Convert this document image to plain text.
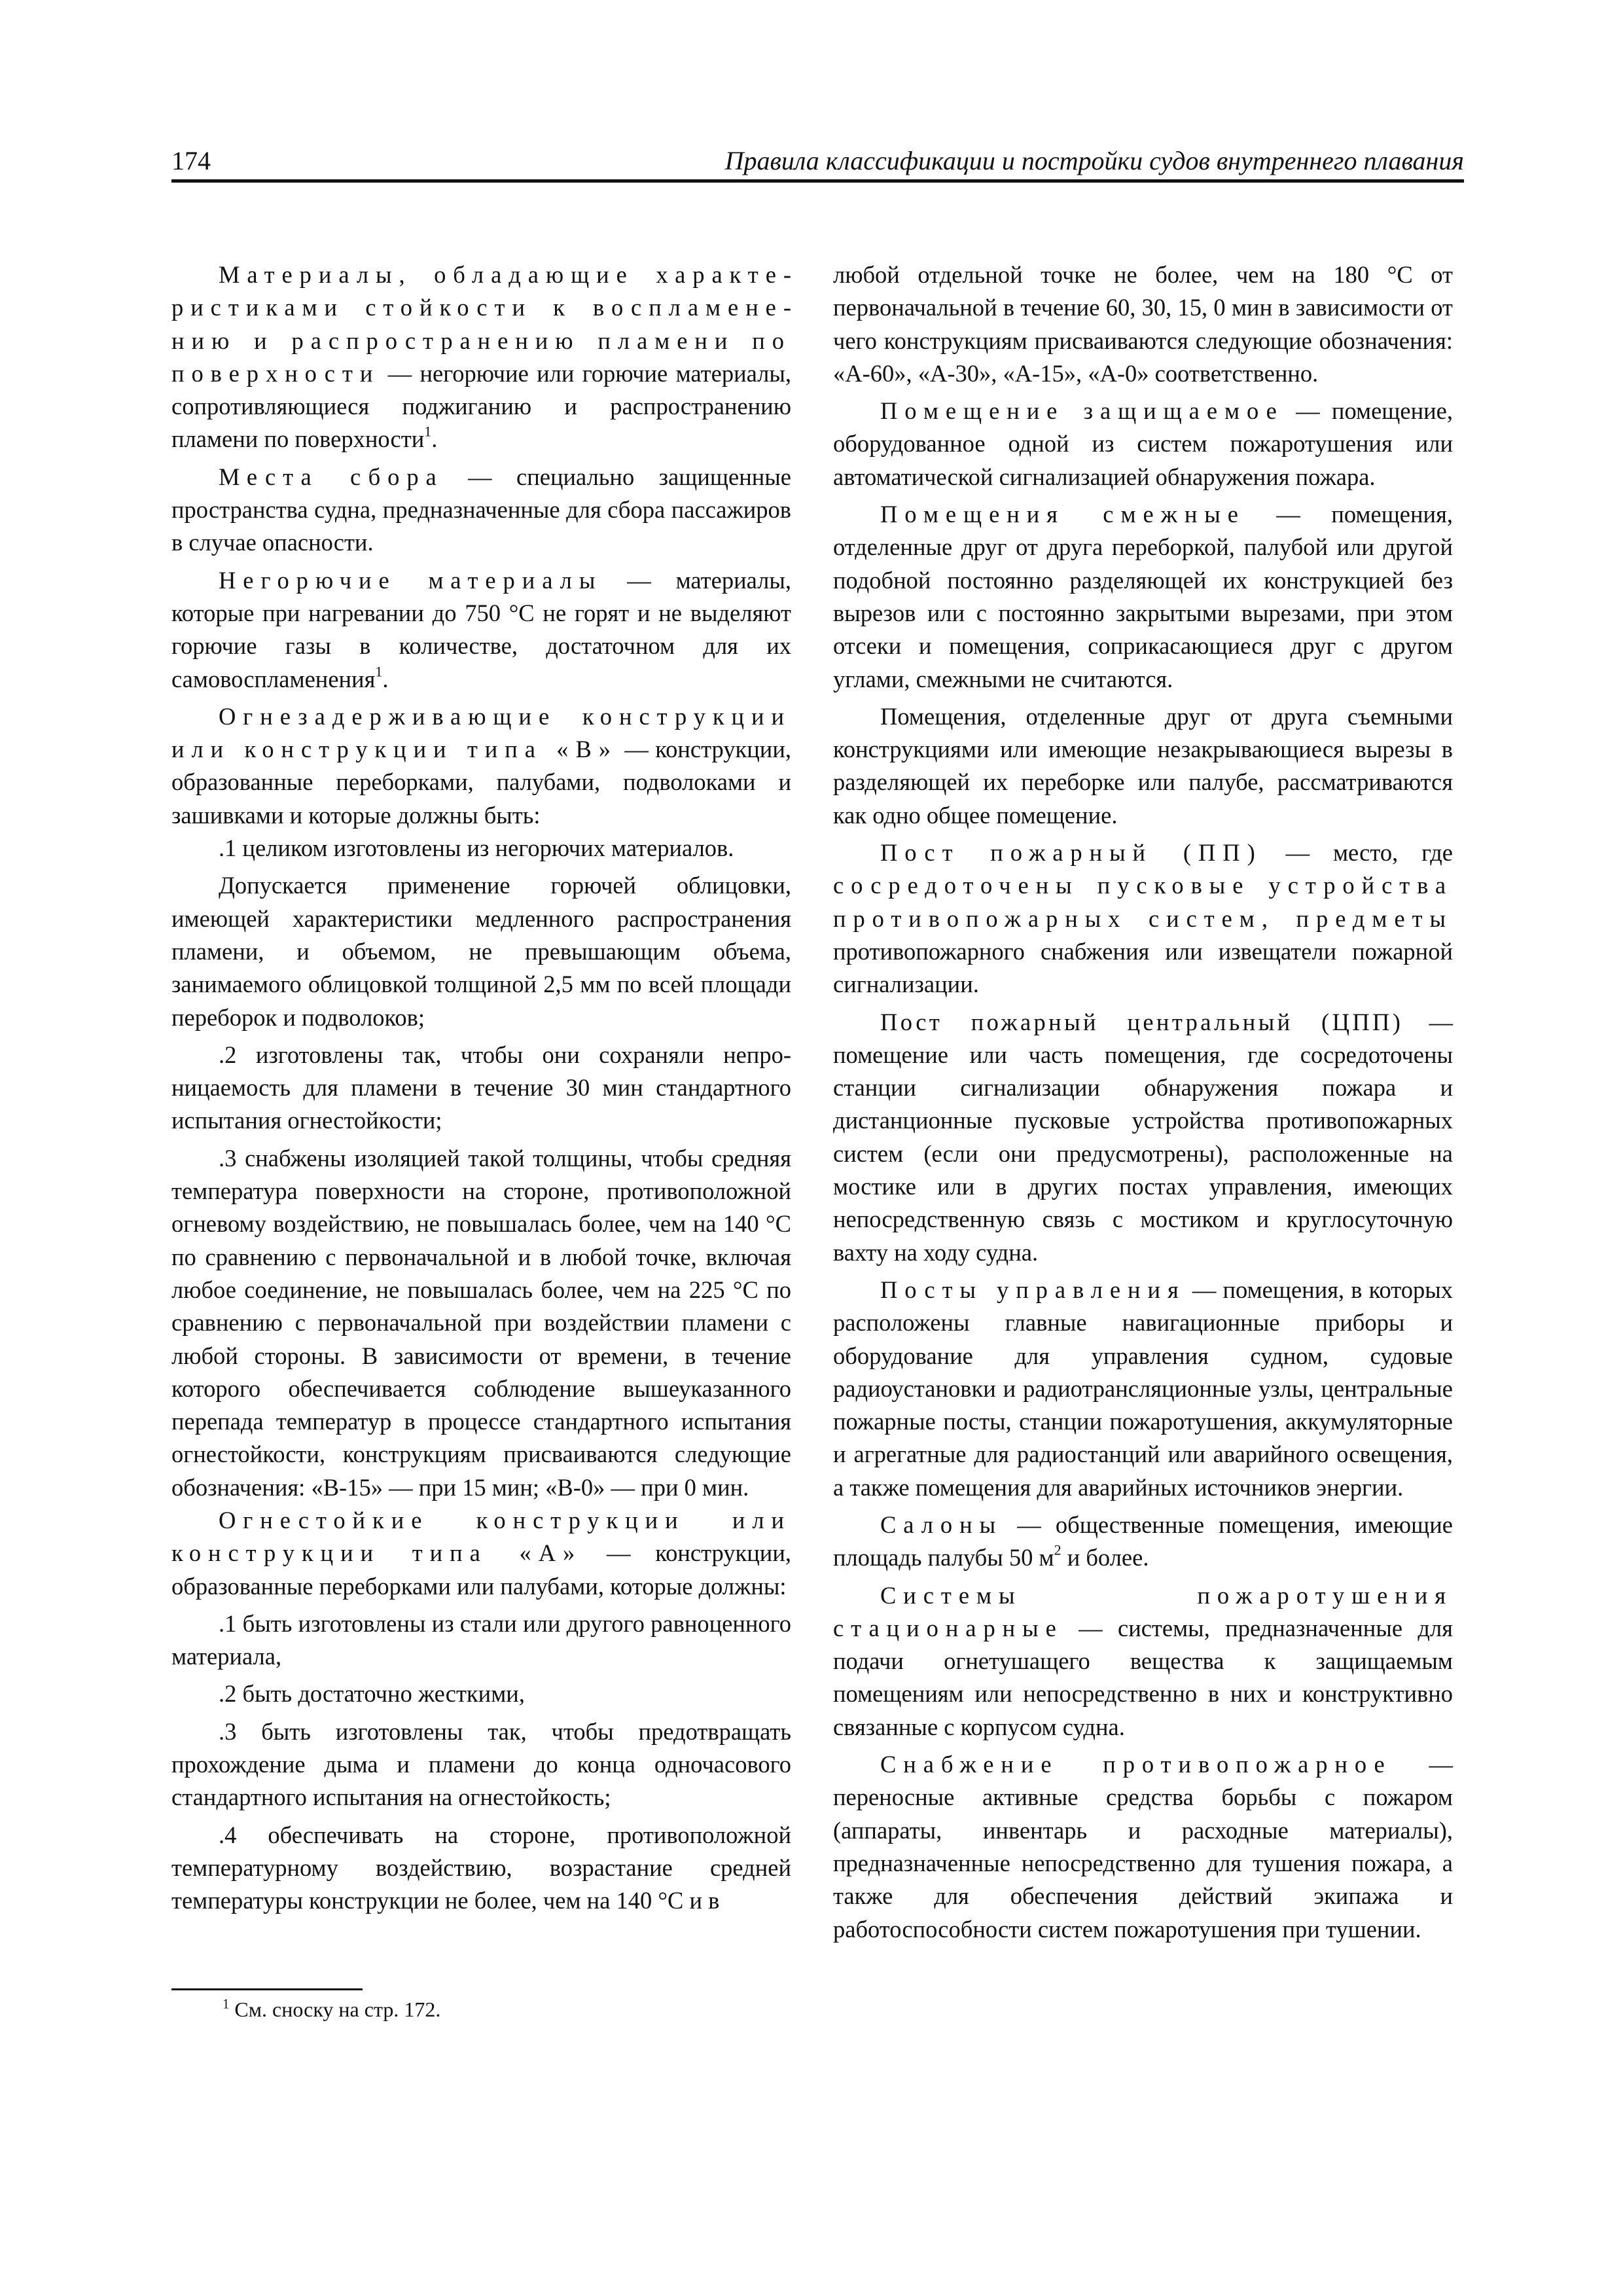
174	Правила классификации и постройки судов внутреннего плавания

Материалы, обладающие характеристиками стойкости к воспламенению и распространению пламени по поверхности — негорючие или горючие материалы, сопротивляющиеся поджиганию и распространению пламени по поверхности$^1$.

Места сбора — специально защищенные пространства судна, предназначенные для сбора пассажиров в случае опасности.

Негорючие материалы — материалы, которые при нагревании до 750 °С не горят и не выделяют горючие газы в количестве, достаточном для их самовоспламенения$^1$.

Огнезадерживающие конструкции или конструкции типа «В» — конструкции, образованные переборками, палубами, подволоками и зашивками и которые должны быть:

.1 целиком изготовлены из негорючих материалов.

Допускается применение горючей облицовки, имеющей характеристики медленного распространения пламени, и объемом, не превышающим объема, занимаемого облицовкой толщиной 2,5 мм по всей площади переборок и подволоков;

.2 изготовлены так, чтобы они сохраняли непроницаемость для пламени в течение 30 мин стандартного испытания огнестойкости;

.3 снабжены изоляцией такой толщины, чтобы средняя температура поверхности на стороне, противоположной огневому воздействию, не повышалась более, чем на 140 °С по сравнению с первоначальной и в любой точке, включая любое соединение, не повышалась более, чем на 225 °С по сравнению с первоначальной при воздействии пламени с любой стороны. В зависимости от времени, в течение которого обеспечивается соблюдение вышеуказанного перепада температур в процессе стандартного испытания огнестойкости, конструкциям присваиваются следующие обозначения: «В-15» — при 15 мин; «В-0» — при 0 мин.

Огнестойкие конструкции или конструкции типа «А» — конструкции, образованные переборками или палубами, которые должны:

.1 быть изготовлены из стали или другого равноценного материала,

.2 быть достаточно жесткими,

.3 быть изготовлены так, чтобы предотвращать прохождение дыма и пламени до конца одночасового стандартного испытания на огнестойкость;

.4 обеспечивать на стороне, противоположной температурному воздействию, возрастание средней температуры конструкции не более, чем на 140 °С и в

любой отдельной точке не более, чем на 180 °С от первоначальной в течение 60, 30, 15, 0 мин в зависимости от чего конструкциям присваиваются следующие обозначения: «А-60», «А-30», «А-15», «А-0» соответственно.

Помещение защищаемое — помещение, оборудованное одной из систем пожаротушения или автоматической сигнализацией обнаружения пожара.

Помещения смежные — помещения, отделенные друг от друга переборкой, палубой или другой подобной постоянно разделяющей их конструкцией без вырезов или с постоянно закрытыми вырезами, при этом отсеки и помещения, соприкасающиеся друг с другом углами, смежными не считаются.

Помещения, отделенные друг от друга съемными конструкциями или имеющие незакрывающиеся вырезы в разделяющей их переборке или палубе, рассматриваются как одно общее помещение.

Пост пожарный (ПП) — место, где сосредоточены пусковые устройства противопожарных систем, предметы противопожарного снабжения или извещатели пожарной сигнализации.

Пост пожарный центральный (ЦПП) — помещение или часть помещения, где сосредоточены станции сигнализации обнаружения пожара и дистанционные пусковые устройства противопожарных систем (если они предусмотрены), расположенные на мостике или в других постах управления, имеющих непосредственную связь с мостиком и круглосуточную вахту на ходу судна.

Посты управления — помещения, в которых расположены главные навигационные приборы и оборудование для управления судном, судовые радиоустановки и радиотрансляционные узлы, центральные пожарные посты, станции пожаротушения, аккумуляторные и агрегатные для радиостанций или аварийного освещения, а также помещения для аварийных источников энергии.

Салоны — общественные помещения, имеющие площадь палубы 50 $м^2$ и более.

Системы пожаротушения стационарные — системы, предназначенные для подачи огнетушащего вещества к защищаемым помещениям или непосредственно в них и конструктивно связанные с корпусом судна.

Снабжение противопожарное — переносные активные средства борьбы с пожаром (аппараты, инвентарь и расходные материалы), предназначенные непосредственно для тушения пожара, а также для обеспечения действий экипажа и работоспособности систем пожаротушения при тушении.

$^1$ См. сноску на стр. 172.
